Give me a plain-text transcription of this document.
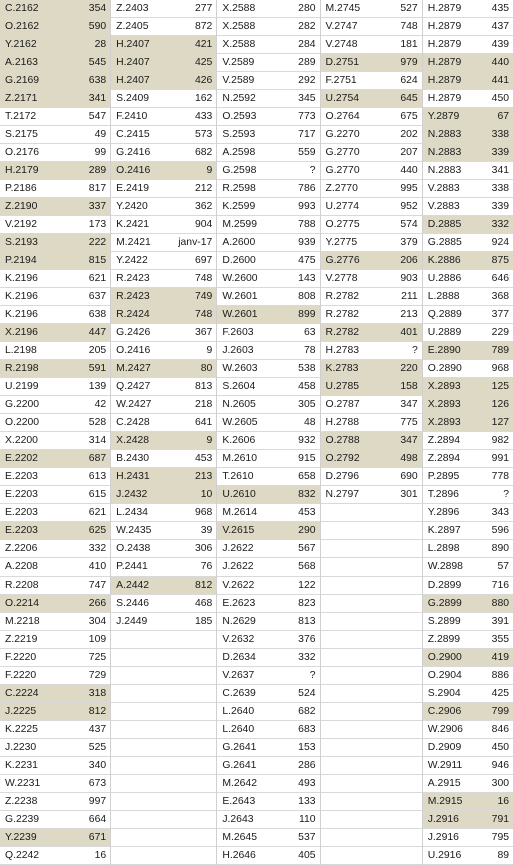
C.2162	354
O.2162	590
Y.2162	28
A.2163	545
G.2169	638
Z.2171	341
T.2172	547
S.2175	49
O.2176	99
H.2179	289
P.2186	817
Z.2190	337
V.2192	173
S.2193	222
P.2194	815
K.2196	621
K.2196	637
K.2196	638
X.2196	447
L.2198	205
R.2198	591
U.2199	139
G.2200	42
O.2200	528
X.2200	314
E.2202	687
E.2203	613
E.2203	615
E.2203	621
E.2203	625
Z.2206	332
A.2208	410
R.2208	747
O.2214	266
M.2218	304
Z.2219	109
F.2220	725
F.2220	729
C.2224	318
J.2225	812
K.2225	437
J.2230	525
K.2231	340
W.2231	673
Z.2238	997
G.2239	664
Y.2239	671
Q.2242	16
Z.2403	277
Z.2405	872
H.2407	421
H.2407	425
H.2407	426
S.2409	162
F.2410	433
C.2415	573
G.2416	682
O.2416	9
E.2419	212
Y.2420	362
K.2421	904
M.2421	janv-17
Y.2422	697
R.2423	748
R.2423	749
R.2424	748
G.2426	367
O.2416	9
M.2427	80
Q.2427	813
W.2427	218
C.2428	641
X.2428	9
B.2430	453
H.2431	213
J.2432	10
L.2434	968
W.2435	39
O.2438	306
P.2441	76
A.2442	812
S.2446	468
J.2449	185
X.2588	280
X.2588	282
X.2588	284
V.2589	289
V.2589	292
N.2592	345
O.2593	773
S.2593	717
A.2598	559
G.2598	?
R.2598	786
K.2599	993
M.2599	788
A.2600	939
D.2600	475
W.2600	143
W.2601	808
W.2601	899
F.2603	63
J.2603	78
W.2603	538
S.2604	458
N.2605	305
W.2605	48
K.2606	932
M.2610	915
T.2610	658
U.2610	832
M.2614	453
V.2615	290
J.2622	567
J.2622	568
V.2622	122
E.2623	823
N.2629	813
V.2632	376
D.2634	332
V.2637	?
C.2639	524
L.2640	682
L.2640	683
G.2641	153
G.2641	286
M.2642	493
E.2643	133
J.2643	110
M.2645	537
H.2646	405
M.2745	527
V.2747	748
V.2748	181
D.2751	979
F.2751	624
U.2754	645
O.2764	675
G.2270	202
G.2770	207
G.2770	440
Z.2770	995
U.2774	952
O.2775	574
Y.2775	379
G.2776	206
V.2778	903
R.2782	211
R.2782	213
R.2782	401
H.2783	?
K.2783	220
U.2785	158
O.2787	347
H.2788	775
O.2788	347
O.2792	498
D.2796	690
N.2797	301
H.2879	435
H.2879	437
H.2879	439
H.2879	440
H.2879	441
H.2879	450
Y.2879	67
N.2883	338
N.2883	339
N.2883	341
V.2883	338
V.2883	339
D.2885	332
G.2885	924
K.2886	875
U.2886	646
L.2888	368
Q.2889	377
U.2889	229
E.2890	789
O.2890	968
X.2893	125
X.2893	126
X.2893	127
Z.2894	982
Z.2894	991
P.2895	778
T.2896	?
Y.2896	343
K.2897	596
L.2898	890
W.2898	57
D.2899	716
G.2899	880
S.2899	391
Z.2899	355
O.2900	419
O.2904	886
S.2904	425
C.2906	799
W.2906	846
D.2909	450
W.2911	946
A.2915	300
M.2915	16
J.2916	791
J.2916	795
U.2916	89
